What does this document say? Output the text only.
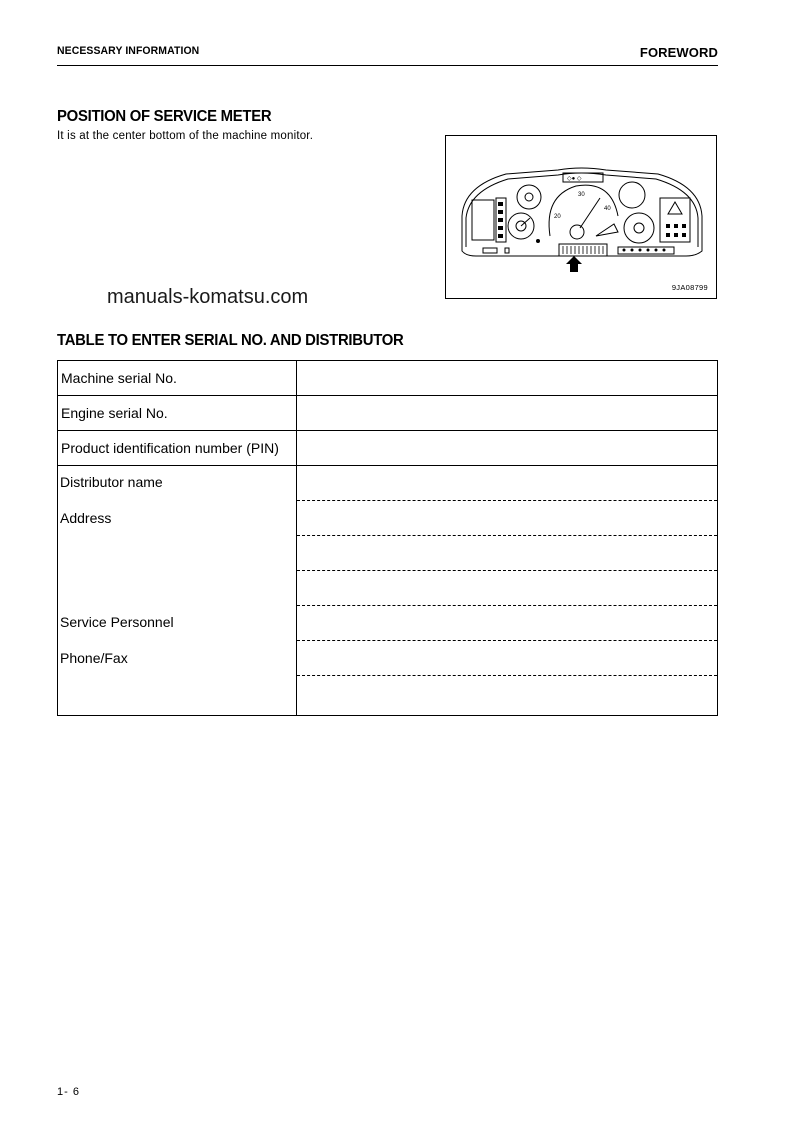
NECESSARY INFORMATION	FOREWORD
POSITION OF SERVICE METER
It is at the center bottom of the machine monitor.
◇● ◇
20
30
40
9JA08799
manuals-komatsu.com
TABLE TO ENTER SERIAL NO. AND DISTRIBUTOR
Machine serial No.	
Engine serial No.	
Product identification number (PIN)	

Distributor name
Address
Service Personnel
Phone/Fax	

1- 6
